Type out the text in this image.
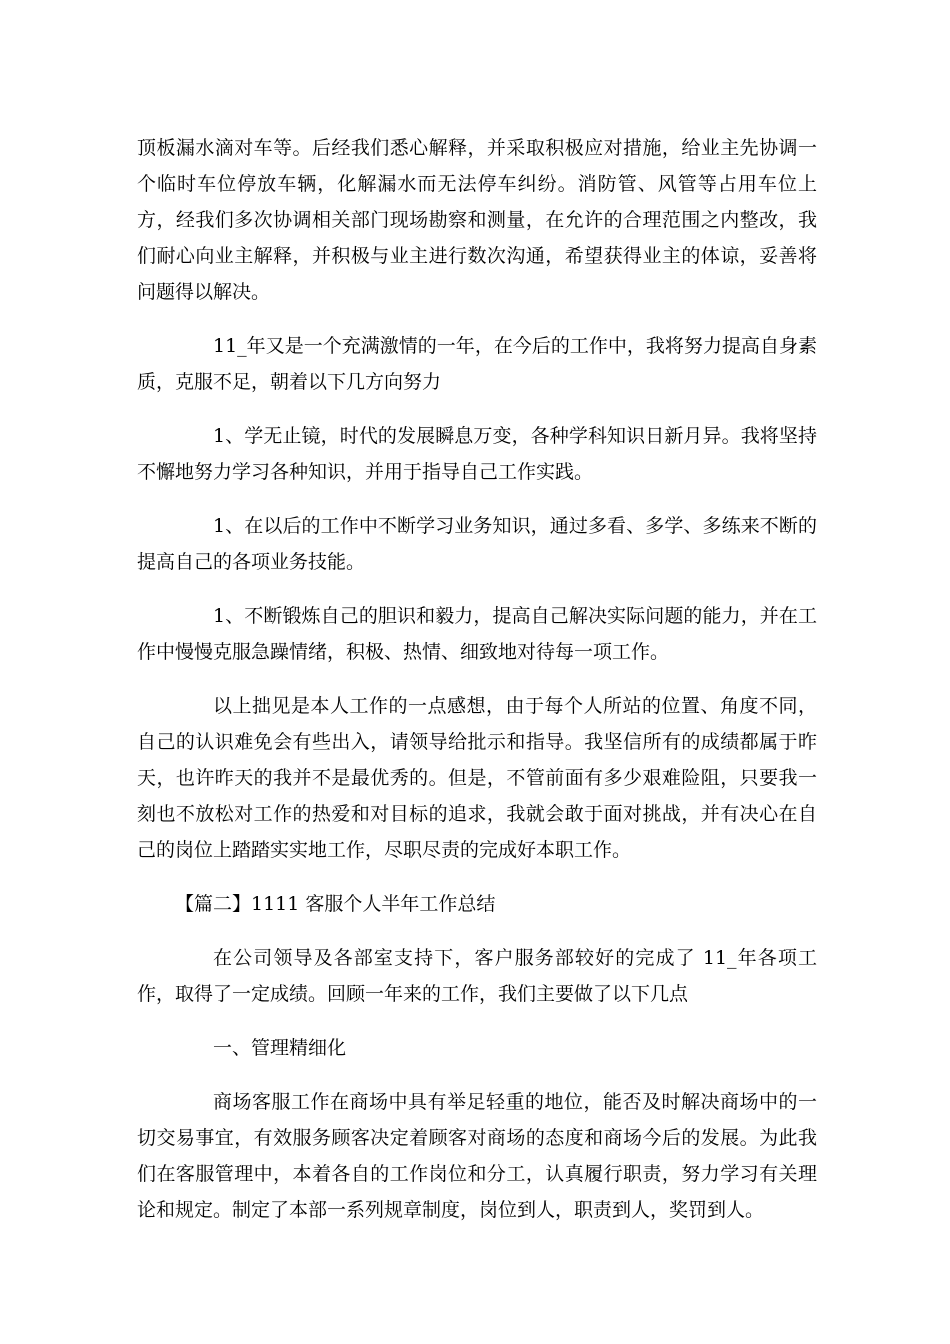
顶板漏水滴对车等。后经我们悉心解释，并采取积极应对措施，给业主先协调一个临时车位停放车辆，化解漏水而无法停车纠纷。消防管、风管等占用车位上方，经我们多次协调相关部门现场勘察和测量，在允许的合理范围之内整改，我们耐心向业主解释，并积极与业主进行数次沟通，希望获得业主的体谅，妥善将问题得以解决。

11_年又是一个充满激情的一年，在今后的工作中，我将努力提高自身素质，克服不足，朝着以下几方向努力

1、学无止镜，时代的发展瞬息万变，各种学科知识日新月异。我将坚持不懈地努力学习各种知识，并用于指导自己工作实践。

1、在以后的工作中不断学习业务知识，通过多看、多学、多练来不断的提高自己的各项业务技能。

1、不断锻炼自己的胆识和毅力，提高自己解决实际问题的能力，并在工作中慢慢克服急躁情绪，积极、热情、细致地对待每一项工作。

以上拙见是本人工作的一点感想，由于每个人所站的位置、角度不同，自己的认识难免会有些出入，请领导给批示和指导。我坚信所有的成绩都属于昨天，也许昨天的我并不是最优秀的。但是，不管前面有多少艰难险阻，只要我一刻也不放松对工作的热爱和对目标的追求，我就会敢于面对挑战，并有决心在自己的岗位上踏踏实实地工作，尽职尽责的完成好本职工作。

【篇二】1111 客服个人半年工作总结

在公司领导及各部室支持下，客户服务部较好的完成了 11_年各项工作，取得了一定成绩。回顾一年来的工作，我们主要做了以下几点

一、管理精细化

商场客服工作在商场中具有举足轻重的地位，能否及时解决商场中的一切交易事宜，有效服务顾客决定着顾客对商场的态度和商场今后的发展。为此我们在客服管理中，本着各自的工作岗位和分工，认真履行职责，努力学习有关理论和规定。制定了本部一系列规章制度，岗位到人，职责到人，奖罚到人。
